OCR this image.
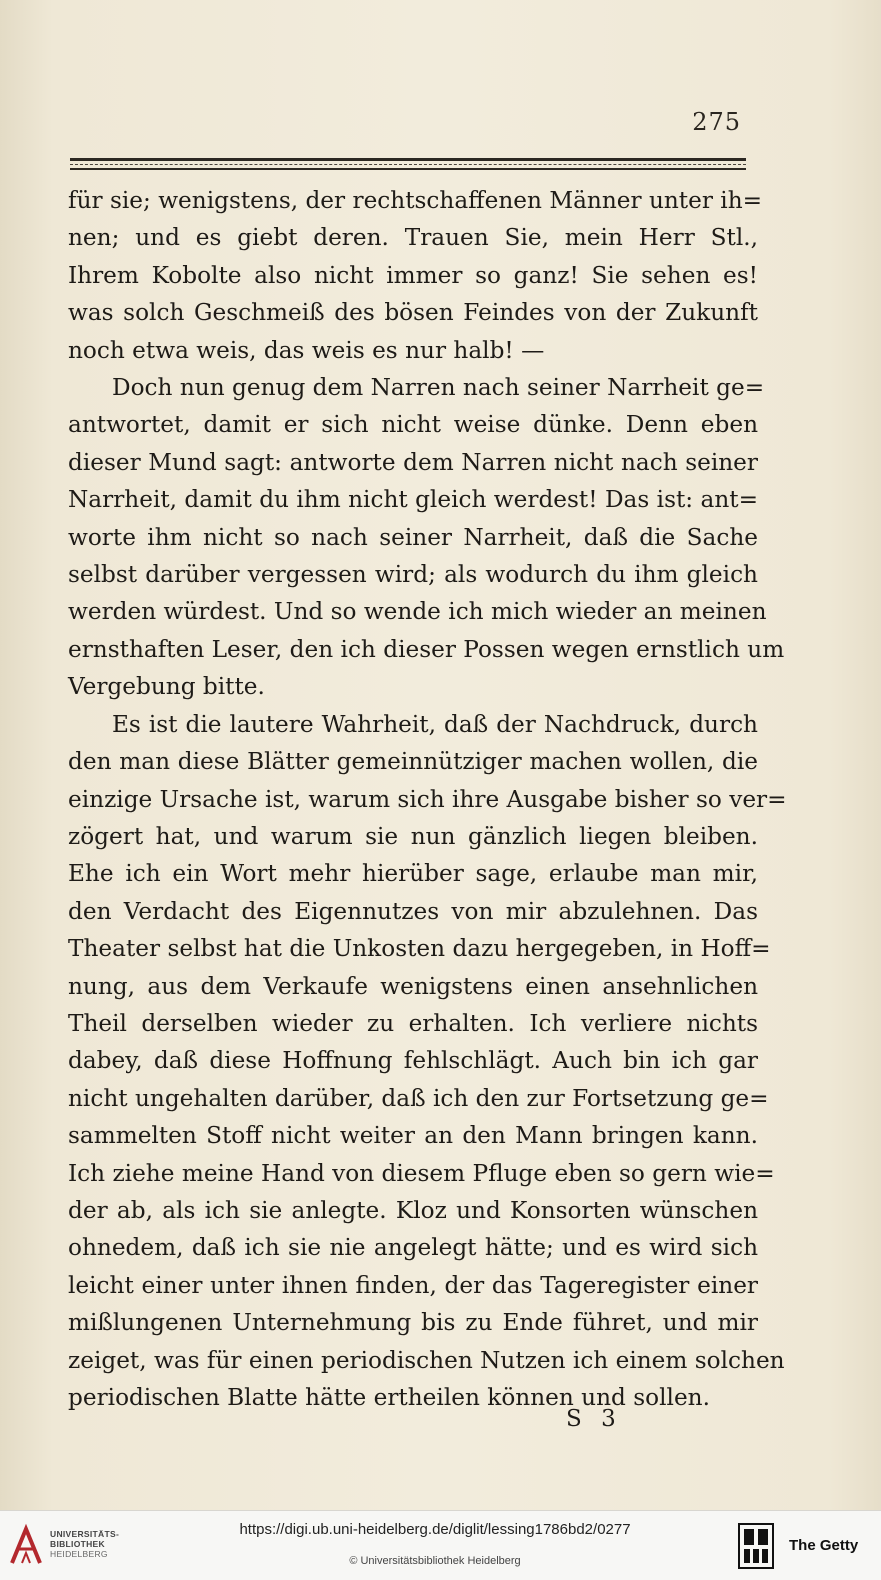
275
für sie; wenigstens, der rechtschaffenen Männer unter ih=
nen; und es giebt deren. Trauen Sie, mein Herr Stl.,
Ihrem Kobolte also nicht immer so ganz! Sie sehen es!
was solch Geschmeiß des bösen Feindes von der Zukunft
noch etwa weis, das weis es nur halb! —
Doch nun genug dem Narren nach seiner Narrheit ge=
antwortet, damit er sich nicht weise dünke. Denn eben
dieser Mund sagt: antworte dem Narren nicht nach seiner
Narrheit, damit du ihm nicht gleich werdest! Das ist: ant=
worte ihm nicht so nach seiner Narrheit, daß die Sache
selbst darüber vergessen wird; als wodurch du ihm gleich
werden würdest. Und so wende ich mich wieder an meinen
ernsthaften Leser, den ich dieser Possen wegen ernstlich um
Vergebung bitte.
Es ist die lautere Wahrheit, daß der Nachdruck, durch
den man diese Blätter gemeinnütziger machen wollen, die
einzige Ursache ist, warum sich ihre Ausgabe bisher so ver=
zögert hat, und warum sie nun gänzlich liegen bleiben.
Ehe ich ein Wort mehr hierüber sage, erlaube man mir,
den Verdacht des Eigennutzes von mir abzulehnen. Das
Theater selbst hat die Unkosten dazu hergegeben, in Hoff=
nung, aus dem Verkaufe wenigstens einen ansehnlichen
Theil derselben wieder zu erhalten. Ich verliere nichts
dabey, daß diese Hoffnung fehlschlägt. Auch bin ich gar
nicht ungehalten darüber, daß ich den zur Fortsetzung ge=
sammelten Stoff nicht weiter an den Mann bringen kann.
Ich ziehe meine Hand von diesem Pfluge eben so gern wie=
der ab, als ich sie anlegte. Kloz und Konsorten wünschen
ohnedem, daß ich sie nie angelegt hätte; und es wird sich
leicht einer unter ihnen finden, der das Tageregister einer
mißlungenen Unternehmung bis zu Ende führet, und mir
zeiget, was für einen periodischen Nutzen ich einem solchen
periodischen Blatte hätte ertheilen können und sollen.
S 3
UNIVERSITÄTS-
BIBLIOTHEK
HEIDELBERG
https://digi.ub.uni-heidelberg.de/diglit/lessing1786bd2/0277
© Universitätsbibliothek Heidelberg
The Getty
